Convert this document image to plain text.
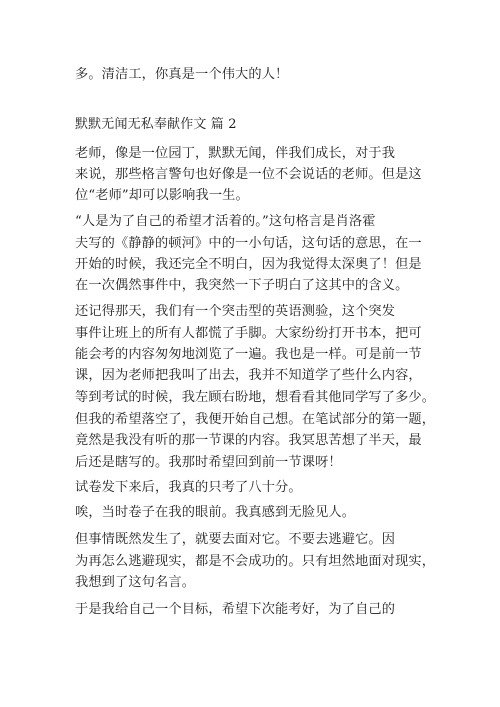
多。清洁工，你真是一个伟大的人！
默默无闻无私奉献作文 篇 2
老师，像是一位园丁，默默无闻，伴我们成长，对于我
来说，那些格言警句也好像是一位不会说话的老师。但是这
位“老师”却可以影响我一生。
“人是为了自己的希望才活着的。”这句格言是肖洛霍
夫写的《静静的顿河》中的一小句话，这句话的意思，在一
开始的时候，我还完全不明白，因为我觉得太深奥了！但是
在一次偶然事件中，我突然一下子明白了这其中的含义。
还记得那天，我们有一个突击型的英语测验，这个突发
事件让班上的所有人都慌了手脚。大家纷纷打开书本，把可
能会考的内容匆匆地浏览了一遍。我也是一样。可是前一节
课，因为老师把我叫了出去，我并不知道学了些什么内容，
等到考试的时候，我左顾右盼地，想看看其他同学写了多少。
但我的希望落空了，我便开始自己想。在笔试部分的第一题，
竟然是我没有听的那一节课的内容。我冥思苦想了半天，最
后还是瞎写的。我那时希望回到前一节课呀！
试卷发下来后，我真的只考了八十分。
唉，当时卷子在我的眼前。我真感到无脸见人。
但事情既然发生了，就要去面对它。不要去逃避它。因
为再怎么逃避现实，都是不会成功的。只有坦然地面对现实，
我想到了这句名言。
于是我给自己一个目标，希望下次能考好，为了自己的
